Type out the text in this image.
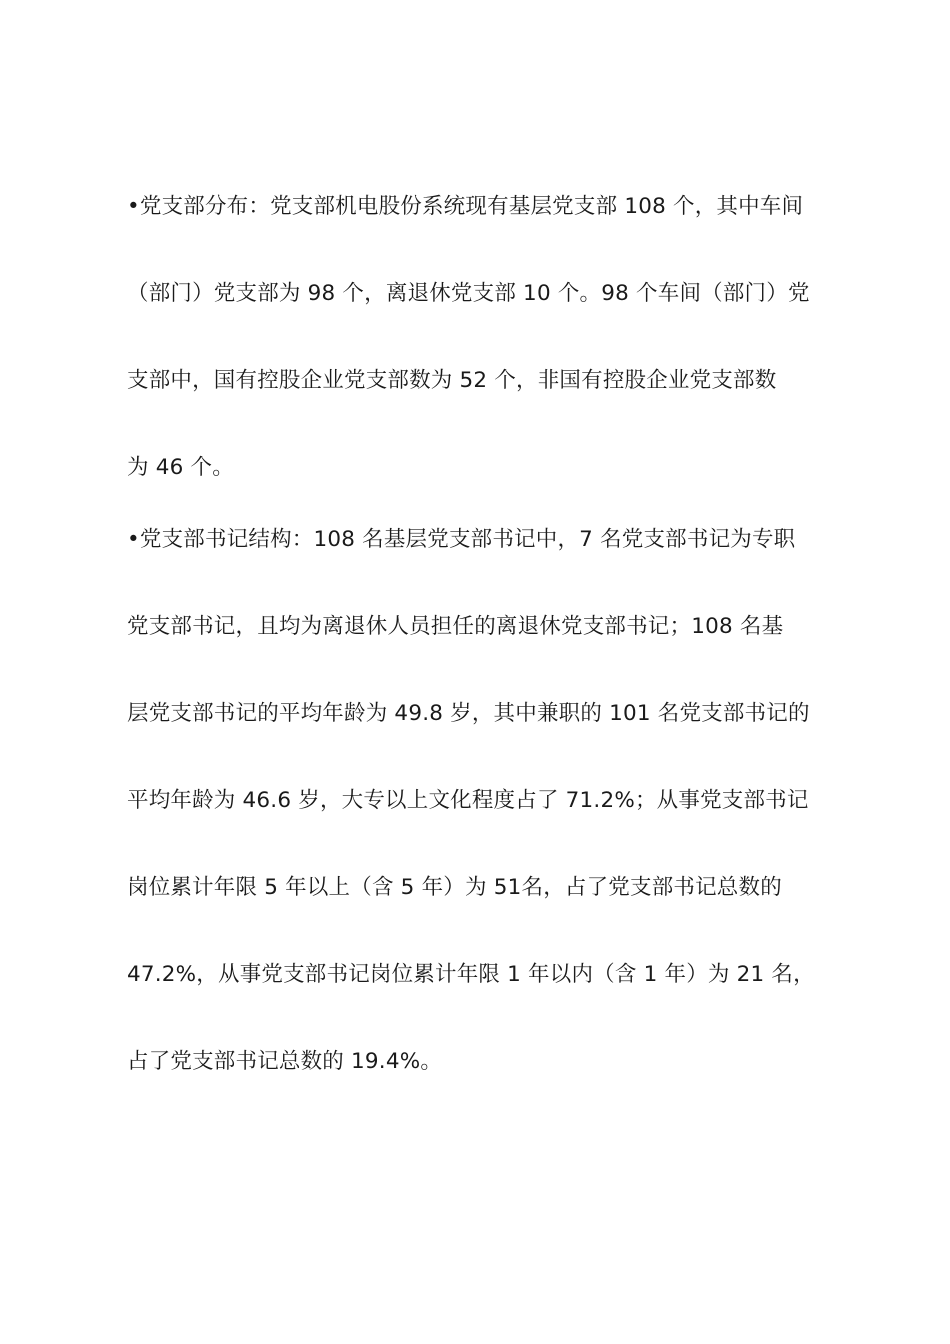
•党支部分布：党支部机电股份系统现有基层党支部 108 个，其中车间
（部门）党支部为 98 个，离退休党支部 10 个。98 个车间（部门）党
支部中，国有控股企业党支部数为 52 个，非国有控股企业党支部数
为 46 个。
•党支部书记结构：108 名基层党支部书记中，7 名党支部书记为专职
党支部书记，且均为离退休人员担任的离退休党支部书记；108 名基
层党支部书记的平均年龄为 49.8 岁，其中兼职的 101 名党支部书记的
平均年龄为 46.6 岁，大专以上文化程度占了 71.2%；从事党支部书记
岗位累计年限 5 年以上（含 5 年）为 51名，占了党支部书记总数的
47.2%，从事党支部书记岗位累计年限 1 年以内（含 1 年）为 21 名，
占了党支部书记总数的 19.4%。
